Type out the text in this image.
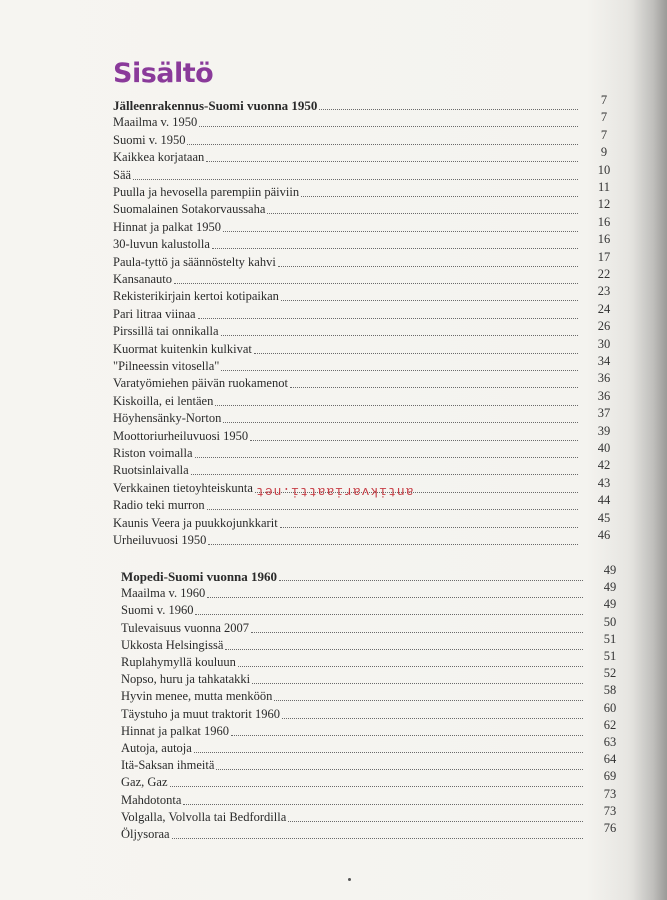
Sisältö
Jälleenrakennus-Suomi vuonna 1950	7
Maailma v. 1950	7
Suomi v. 1950	7
Kaikkea korjataan	9
Sää	10
Puulla ja hevosella parempiin päiviin	11
Suomalainen Sotakorvaussaha	12
Hinnat ja palkat 1950	16
30-luvun kalustolla	16
Paula-tyttö ja säännöstelty kahvi	17
Kansanauto	22
Rekisterikirjain kertoi kotipaikan	23
Pari litraa viinaa	24
Pirssillä tai onnikalla	26
Kuormat kuitenkin kulkivat	30
"Pilneessin vitosella"	34
Varatyömiehen päivän ruokamenot	36
Kiskoilla, ei lentäen	36
Höyhensänky-Norton	37
Moottoriurheiluvuosi 1950	39
Riston voimalla	40
Ruotsinlaivalla	42
Verkkainen tietoyhteiskunta	43
Radio teki murron	44
Kaunis Veera ja puukkojunkkarit	45
Urheiluvuosi 1950	46
Mopedi-Suomi vuonna 1960	49
Maailma v. 1960	49
Suomi v. 1960	49
Tulevaisuus vuonna 2007	50
Ukkosta Helsingissä	51
Ruplahymyllä kouluun	51
Nopso, huru ja tahkatakki	52
Hyvin menee, mutta menköön	58
Täystuho ja muut traktorit 1960	60
Hinnat ja palkat 1960	62
Autoja, autoja	63
Itä-Saksan ihmeitä	64
Gaz, Gaz	69
Mahdotonta	73
Volgalla, Volvolla tai Bedfordilla	73
Öljysoraa	76
antikvariaatti.net
